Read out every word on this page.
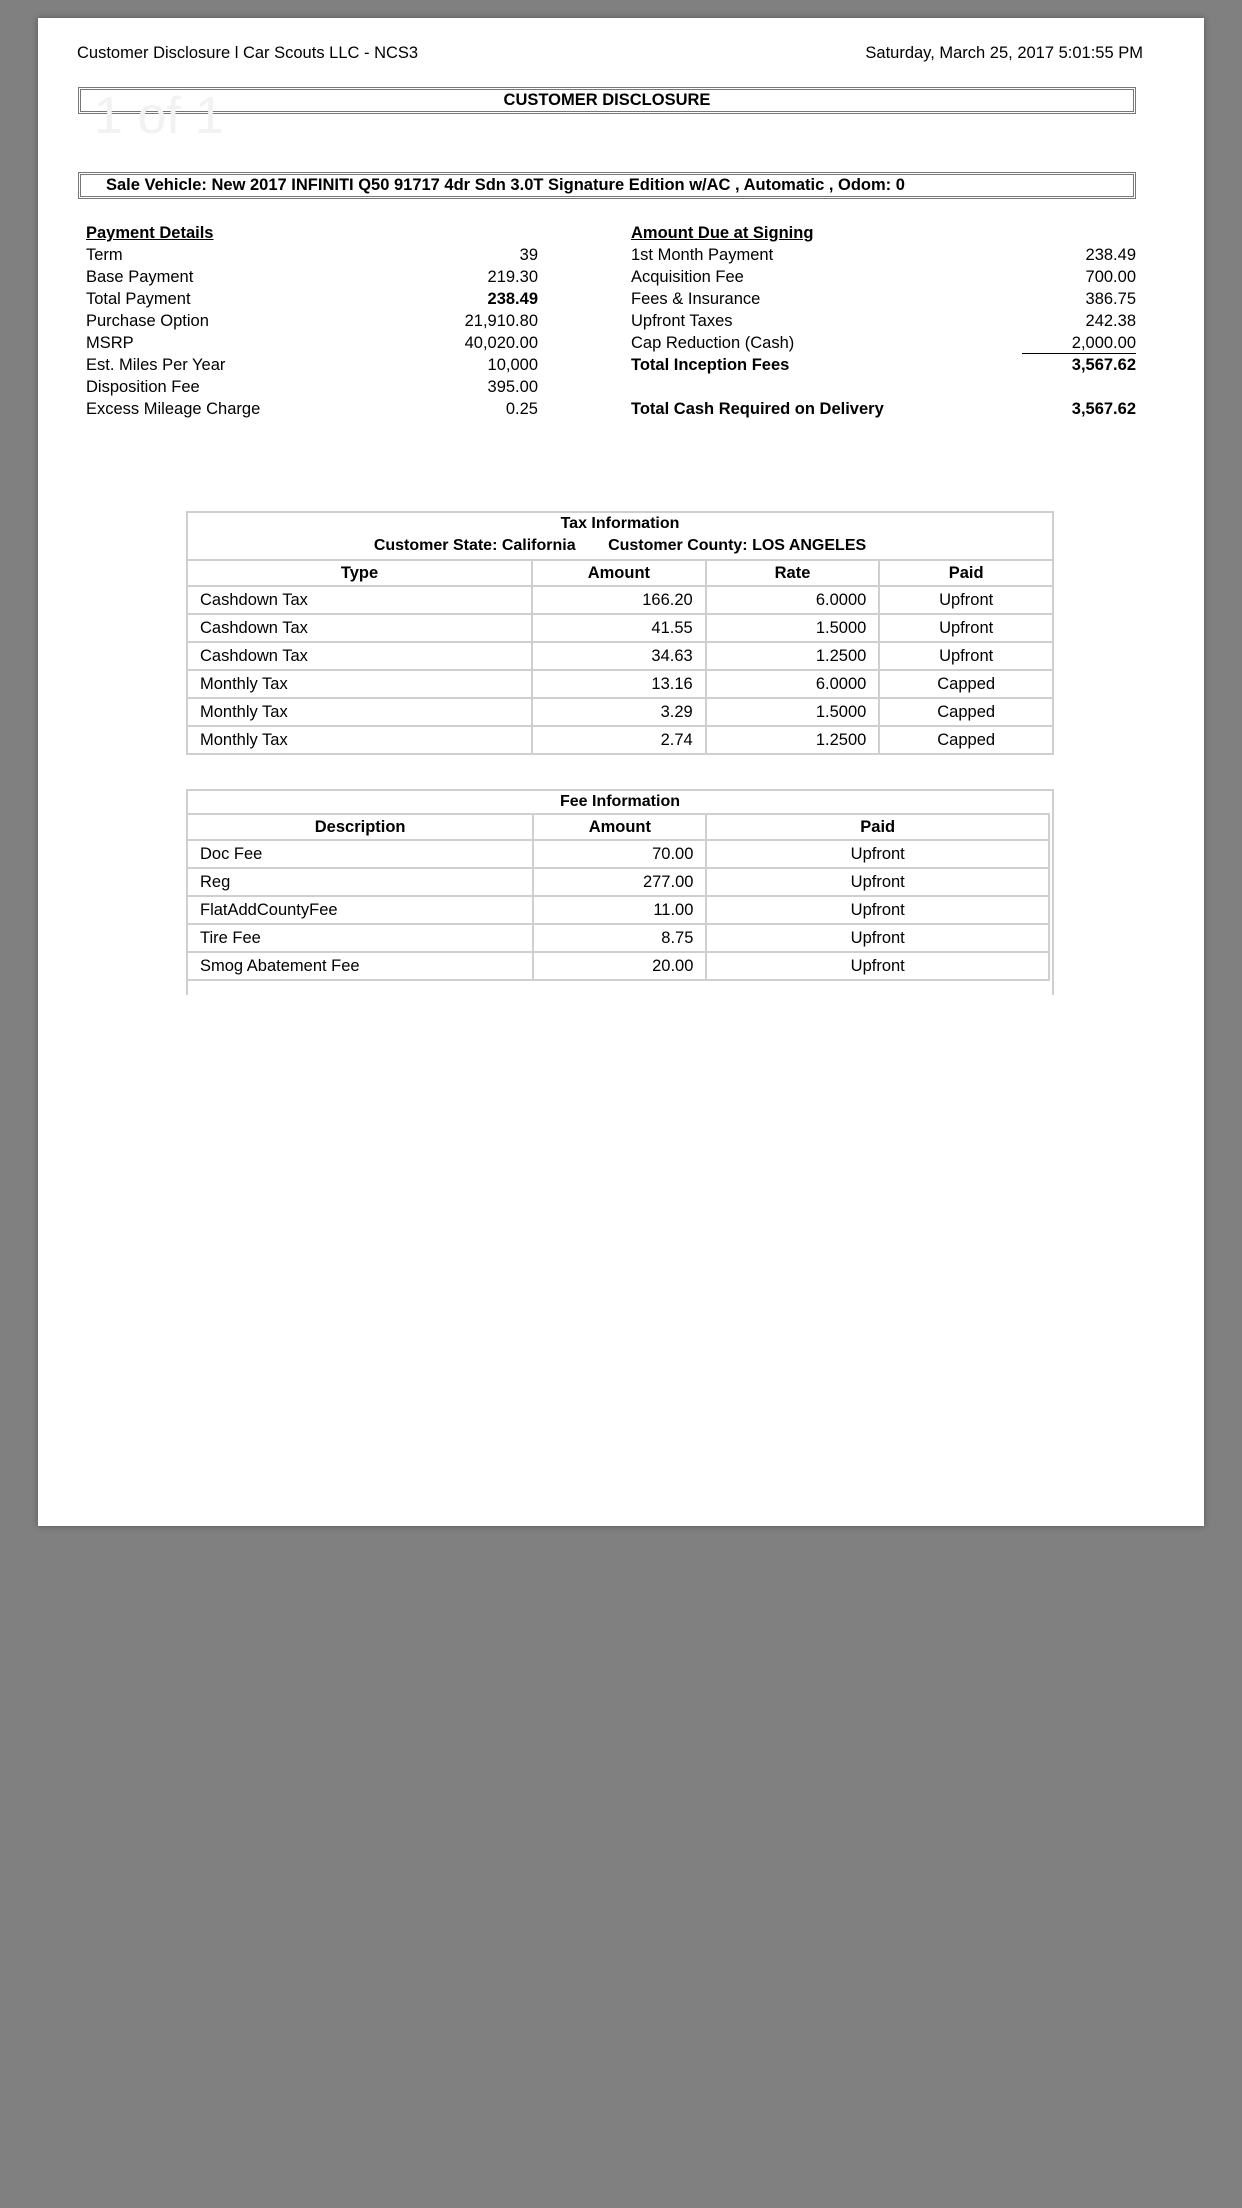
Customer Disclosure l Car Scouts LLC - NCS3	Saturday, March 25, 2017 5:01:55 PM
CUSTOMER DISCLOSURE
1 of 1
Sale Vehicle: New 2017 INFINITI Q50 91717 4dr Sdn 3.0T Signature Edition w/AC , Automatic , Odom: 0
Payment Details
Term	39
Base Payment	219.30
Total Payment	238.49
Purchase Option	21,910.80
MSRP	40,020.00
Est. Miles Per Year	10,000
Disposition Fee	395.00
Excess Mileage Charge	0.25
Amount Due at Signing
1st Month Payment	238.49
Acquisition Fee	700.00
Fees & Insurance	386.75
Upfront Taxes	242.38
Cap Reduction (Cash)	2,000.00
Total Inception Fees	3,567.62
Total Cash Required on Delivery	3,567.62
Tax Information
Customer State: California Customer County: LOS ANGELES
Type	Amount	Rate	Paid
Cashdown Tax	166.20	6.0000	Upfront
Cashdown Tax	41.55	1.5000	Upfront
Cashdown Tax	34.63	1.2500	Upfront
Monthly Tax	13.16	6.0000	Capped
Monthly Tax	3.29	1.5000	Capped
Monthly Tax	2.74	1.2500	Capped
Fee Information
Description	Amount	Paid
Doc Fee	70.00	Upfront
Reg	277.00	Upfront
FlatAddCountyFee	11.00	Upfront
Tire Fee	8.75	Upfront
Smog Abatement Fee	20.00	Upfront
